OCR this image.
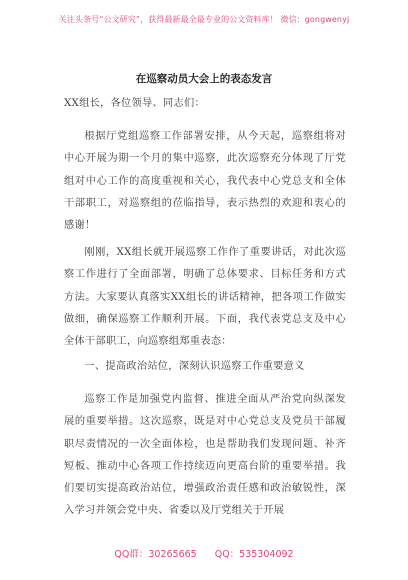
关注头条号“公文研究”，获得最新最全最专业的公文资料库！ 微信：gongwenyj
在巡察动员大会上的表态发言
XX组长，各位领导、同志们：
根据厅党组巡察工作部署安排，从今天起，巡察组将对中心开展为期一个月的集中巡察，此次巡察充分体现了厅党组对中心工作的高度重视和关心，我代表中心党总支和全体干部职工，对巡察组的莅临指导，表示热烈的欢迎和衷心的感谢！
刚刚，XX组长就开展巡察工作作了重要讲话，对此次巡察工作进行了全面部署，明确了总体要求、目标任务和方式方法。大家要认真落实XX组长的讲话精神，把各项工作做实做细，确保巡察工作顺利开展。下面，我代表党总支及中心全体干部职工，向巡察组郑重表态：
一、提高政治站位，深刻认识巡察工作重要意义
巡察工作是加强党内监督、推进全面从严治党向纵深发展的重要举措。这次巡察，既是对中心党总支及党员干部履职尽责情况的一次全面体检，也是帮助我们发现问题、补齐短板、推动中心各项工作持续迈向更高台阶的重要举措。我们要切实提高政治站位，增强政治责任感和政治敏锐性，深入学习并领会党中央、省委以及厅党组关于开展
QQ群：30265665 QQ：535304092
